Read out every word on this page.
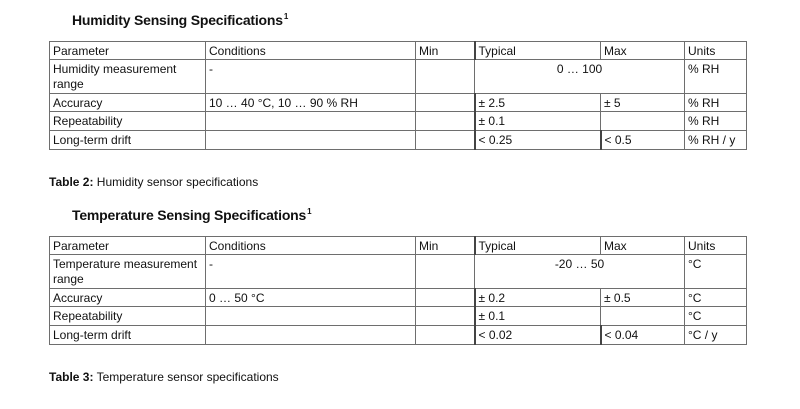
Humidity Sensing Specifications$^1$
Parameter	Conditions	Min	Typical	Max	Units
Humidity measurement range	-		0 … 100		% RH
Accuracy	10 … 40 °C, 10 … 90 % RH		± 2.5	± 5	% RH
Repeatability			± 0.1		% RH
Long-term drift			< 0.25	< 0.5	% RH / y
Table 2: Humidity sensor specifications
Temperature Sensing Specifications$^1$
Parameter	Conditions	Min	Typical	Max	Units
Temperature measurement range	-		-20 … 50		°C
Accuracy	0 … 50 °C		± 0.2	± 0.5	°C
Repeatability			± 0.1		°C
Long-term drift			< 0.02	< 0.04	°C / y
Table 3: Temperature sensor specifications
